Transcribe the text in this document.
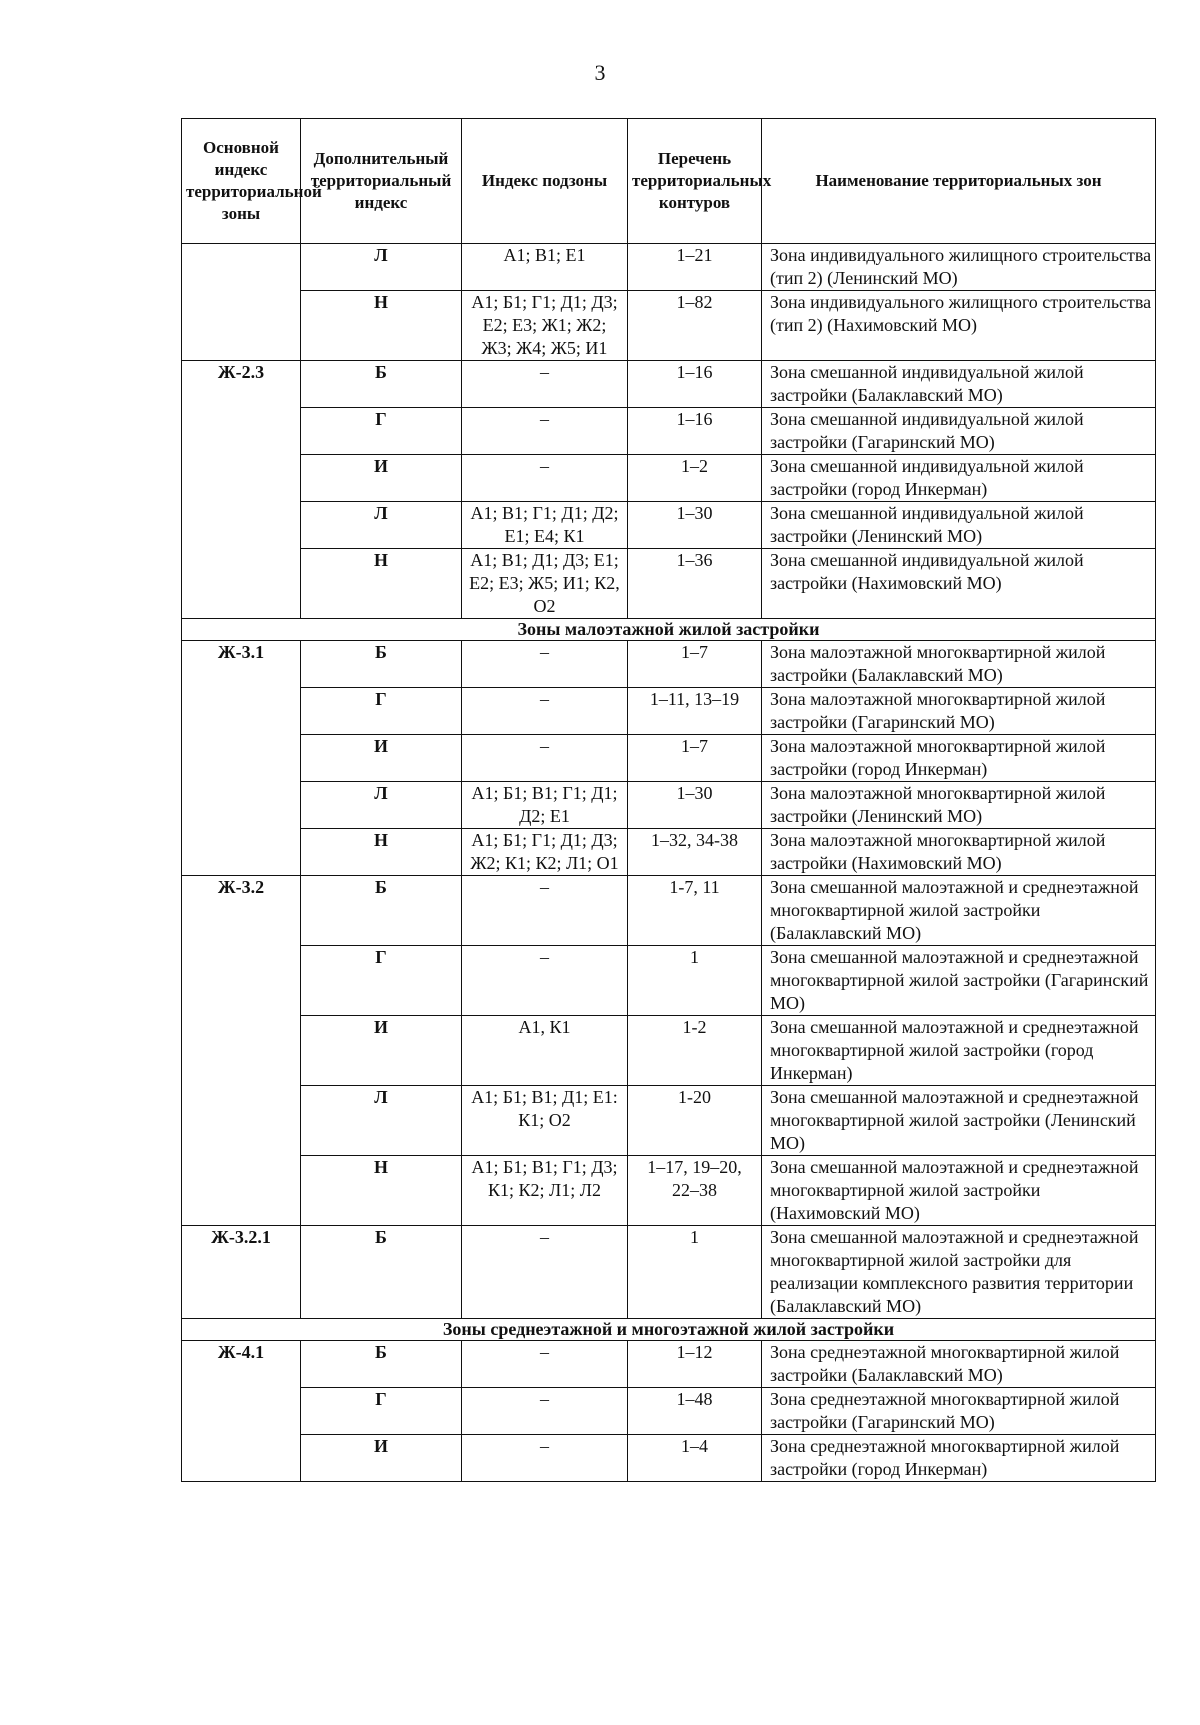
3
Основной индекс территориальной зоны	Дополнительный территориальный индекс	Индекс подзоны	Перечень территориальных контуров	Наименование территориальных зон
	Л	А1; В1; Е1	1–21	Зона индивидуального жилищного строительства (тип 2) (Ленинский МО)
	Н	А1; Б1; Г1; Д1; Д3; Е2; Е3; Ж1; Ж2; Ж3; Ж4; Ж5; И1	1–82	Зона индивидуального жилищного строительства (тип 2) (Нахимовский МО)
Ж-2.3	Б	–	1–16	Зона смешанной индивидуальной жилой застройки (Балаклавский МО)
	Г	–	1–16	Зона смешанной индивидуальной жилой застройки (Гагаринский МО)
	И	–	1–2	Зона смешанной индивидуальной жилой застройки (город Инкерман)
	Л	А1; В1; Г1; Д1; Д2; Е1; Е4; К1	1–30	Зона смешанной индивидуальной жилой застройки (Ленинский МО)
	Н	А1; В1; Д1; Д3; Е1; Е2; Е3; Ж5; И1; К2, О2	1–36	Зона смешанной индивидуальной жилой застройки (Нахимовский МО)
Зоны малоэтажной жилой застройки				
Ж-3.1	Б	–	1–7	Зона малоэтажной многоквартирной жилой застройки (Балаклавский МО)
	Г	–	1–11, 13–19	Зона малоэтажной многоквартирной жилой застройки (Гагаринский МО)
	И	–	1–7	Зона малоэтажной многоквартирной жилой застройки (город Инкерман)
	Л	А1; Б1; В1; Г1; Д1; Д2; Е1	1–30	Зона малоэтажной многоквартирной жилой застройки (Ленинский МО)
	Н	А1; Б1; Г1; Д1; Д3; Ж2; К1; К2; Л1; О1	1–32, 34-38	Зона малоэтажной многоквартирной жилой застройки (Нахимовский МО)
Ж-3.2	Б	–	1-7, 11	Зона смешанной малоэтажной и среднеэтажной многоквартирной жилой застройки (Балаклавский МО)
	Г	–	1	Зона смешанной малоэтажной и среднеэтажной многоквартирной жилой застройки (Гагаринский МО)
	И	А1, К1	1-2	Зона смешанной малоэтажной и среднеэтажной многоквартирной жилой застройки (город Инкерман)
	Л	А1; Б1; В1; Д1; Е1: К1; О2	1-20	Зона смешанной малоэтажной и среднеэтажной многоквартирной жилой застройки (Ленинский МО)
	Н	А1; Б1; В1; Г1; Д3; К1; К2; Л1; Л2	1–17, 19–20, 22–38	Зона смешанной малоэтажной и среднеэтажной многоквартирной жилой застройки (Нахимовский МО)
Ж-3.2.1	Б	–	1	Зона смешанной малоэтажной и среднеэтажной многоквартирной жилой застройки для реализации комплексного развития территории (Балаклавский МО)
Зоны среднеэтажной и многоэтажной жилой застройки				
Ж-4.1	Б	–	1–12	Зона среднеэтажной многоквартирной жилой застройки (Балаклавский МО)
	Г	–	1–48	Зона среднеэтажной многоквартирной жилой застройки (Гагаринский МО)
	И	–	1–4	Зона среднеэтажной многоквартирной жилой застройки (город Инкерман)
